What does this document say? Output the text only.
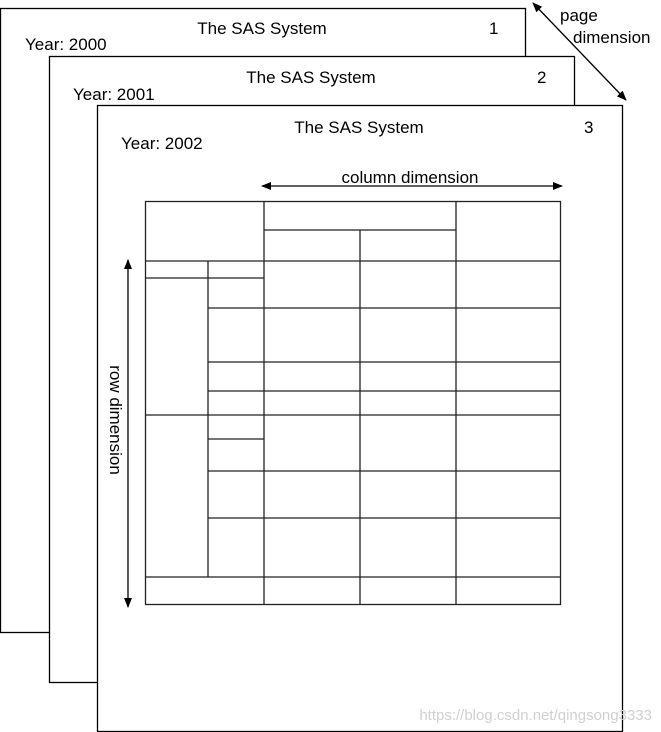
The SAS System	1
Year: 2000
The SAS System	2
Year: 2001
The SAS System	3
Year: 2002
page
dimension
column dimension
row dimension
https://blog.csdn.net/qingsong3333
